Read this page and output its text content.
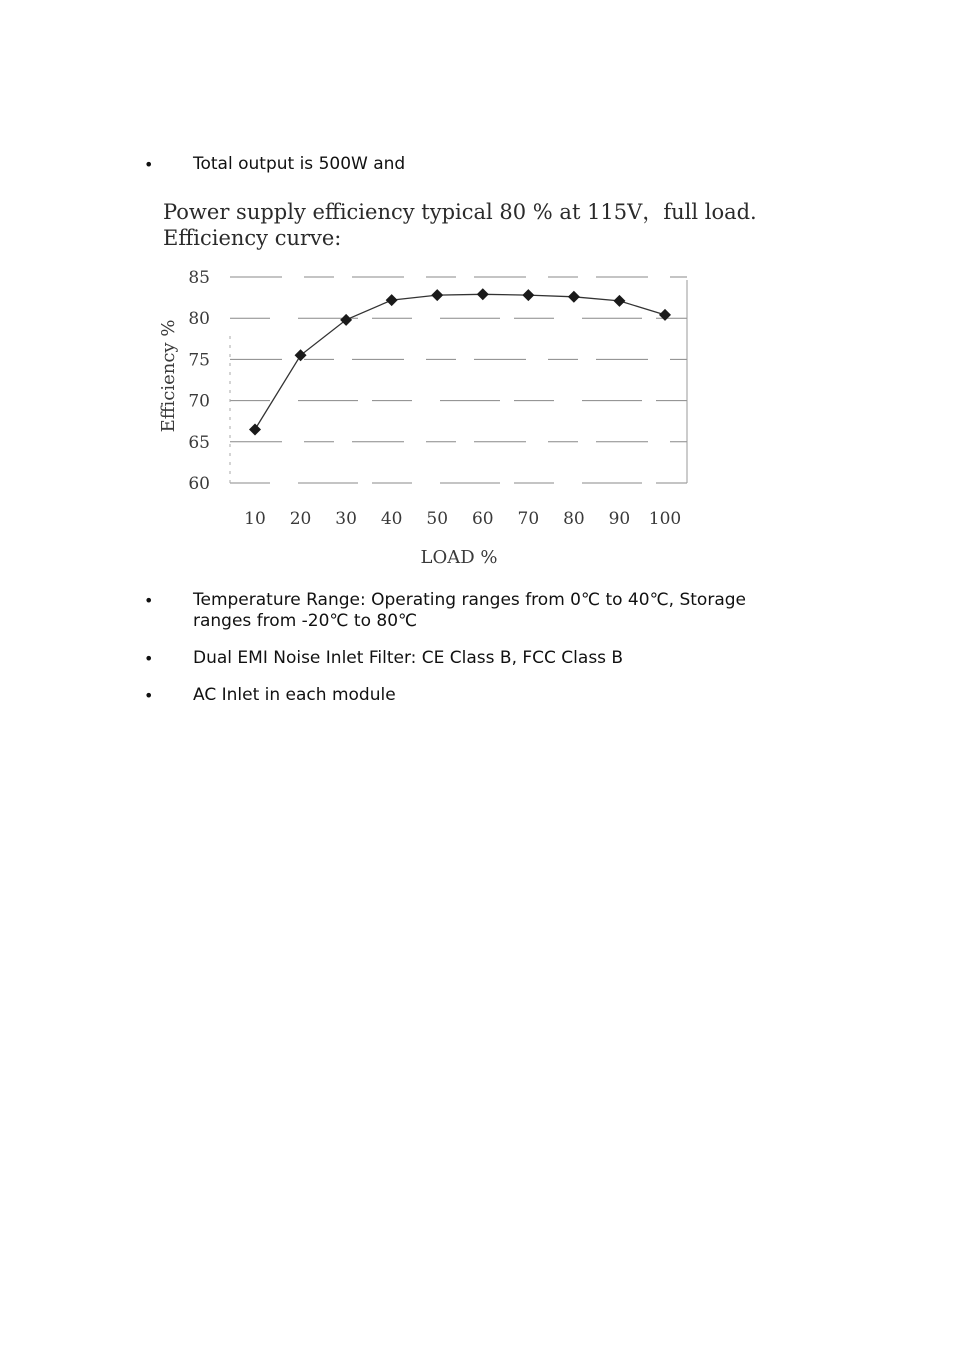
• Total output is 500W and
Power supply efficiency typical 80 % at 115V，full load.
Efficiency curve:
60
65
70
75
80
85
10 20 30 40 50 60 70 80 90 100
LOAD %
Efficiency %
• Temperature Range: Operating ranges from 0℃ to 40℃, Storage ranges from -20℃ to 80℃
• Dual EMI Noise Inlet Filter: CE Class B, FCC Class B
• AC Inlet in each module
